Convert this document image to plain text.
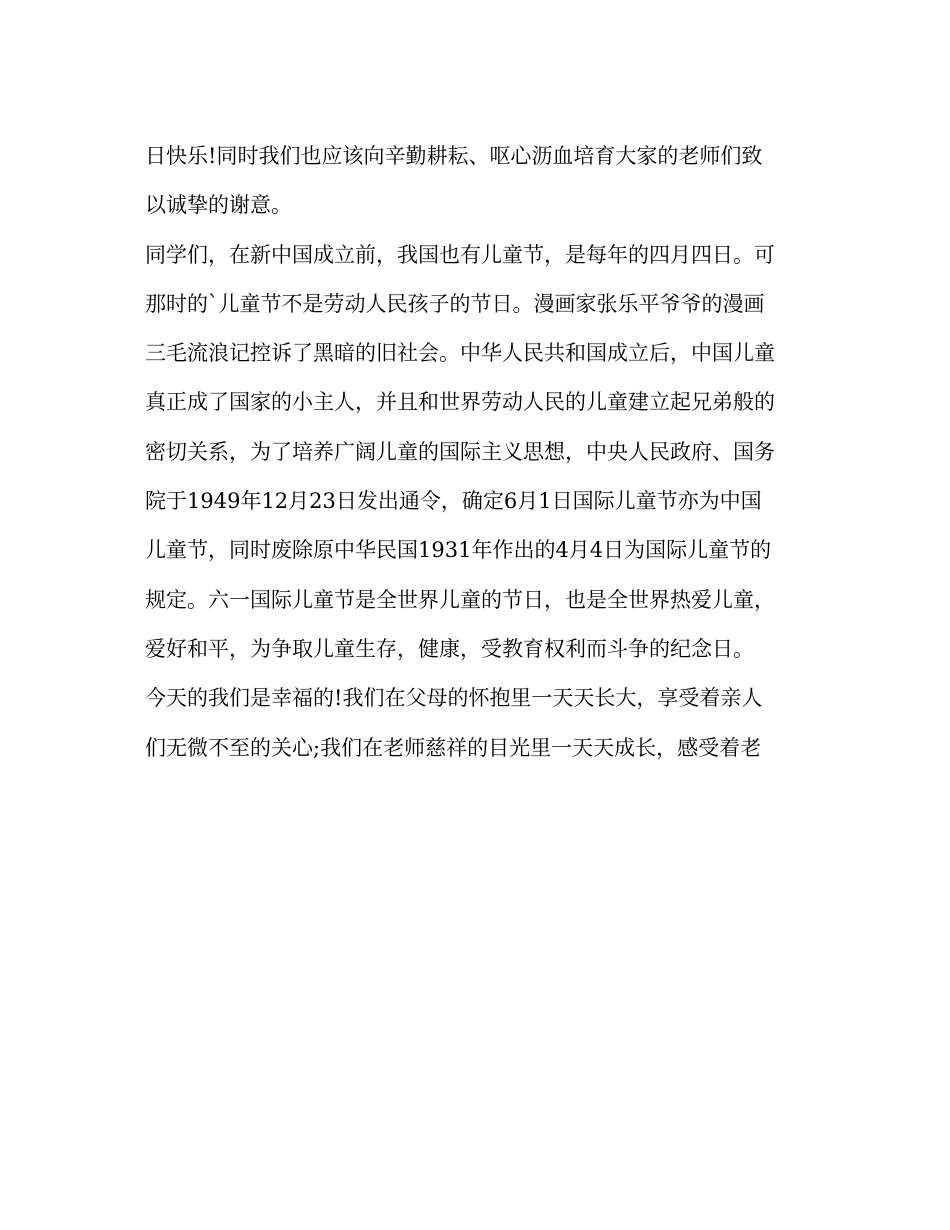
日快乐!同时我们也应该向辛勤耕耘、呕心沥血培育大家的老师们致
以诚挚的谢意。
同学们，在新中国成立前，我国也有儿童节，是每年的四月四日。可
那时的`儿童节不是劳动人民孩子的节日。漫画家张乐平爷爷的漫画
三毛流浪记控诉了黑暗的旧社会。中华人民共和国成立后，中国儿童
真正成了国家的小主人，并且和世界劳动人民的儿童建立起兄弟般的
密切关系，为了培养广阔儿童的国际主义思想，中央人民政府、国务
院于1949年12月23日发出通令，确定6月1日国际儿童节亦为中国
儿童节，同时废除原中华民国1931年作出的4月4日为国际儿童节的
规定。六一国际儿童节是全世界儿童的节日，也是全世界热爱儿童，
爱好和平，为争取儿童生存，健康，受教育权利而斗争的纪念日。
今天的我们是幸福的!我们在父母的怀抱里一天天长大，享受着亲人
们无微不至的关心;我们在老师慈祥的目光里一天天成长，感受着老
